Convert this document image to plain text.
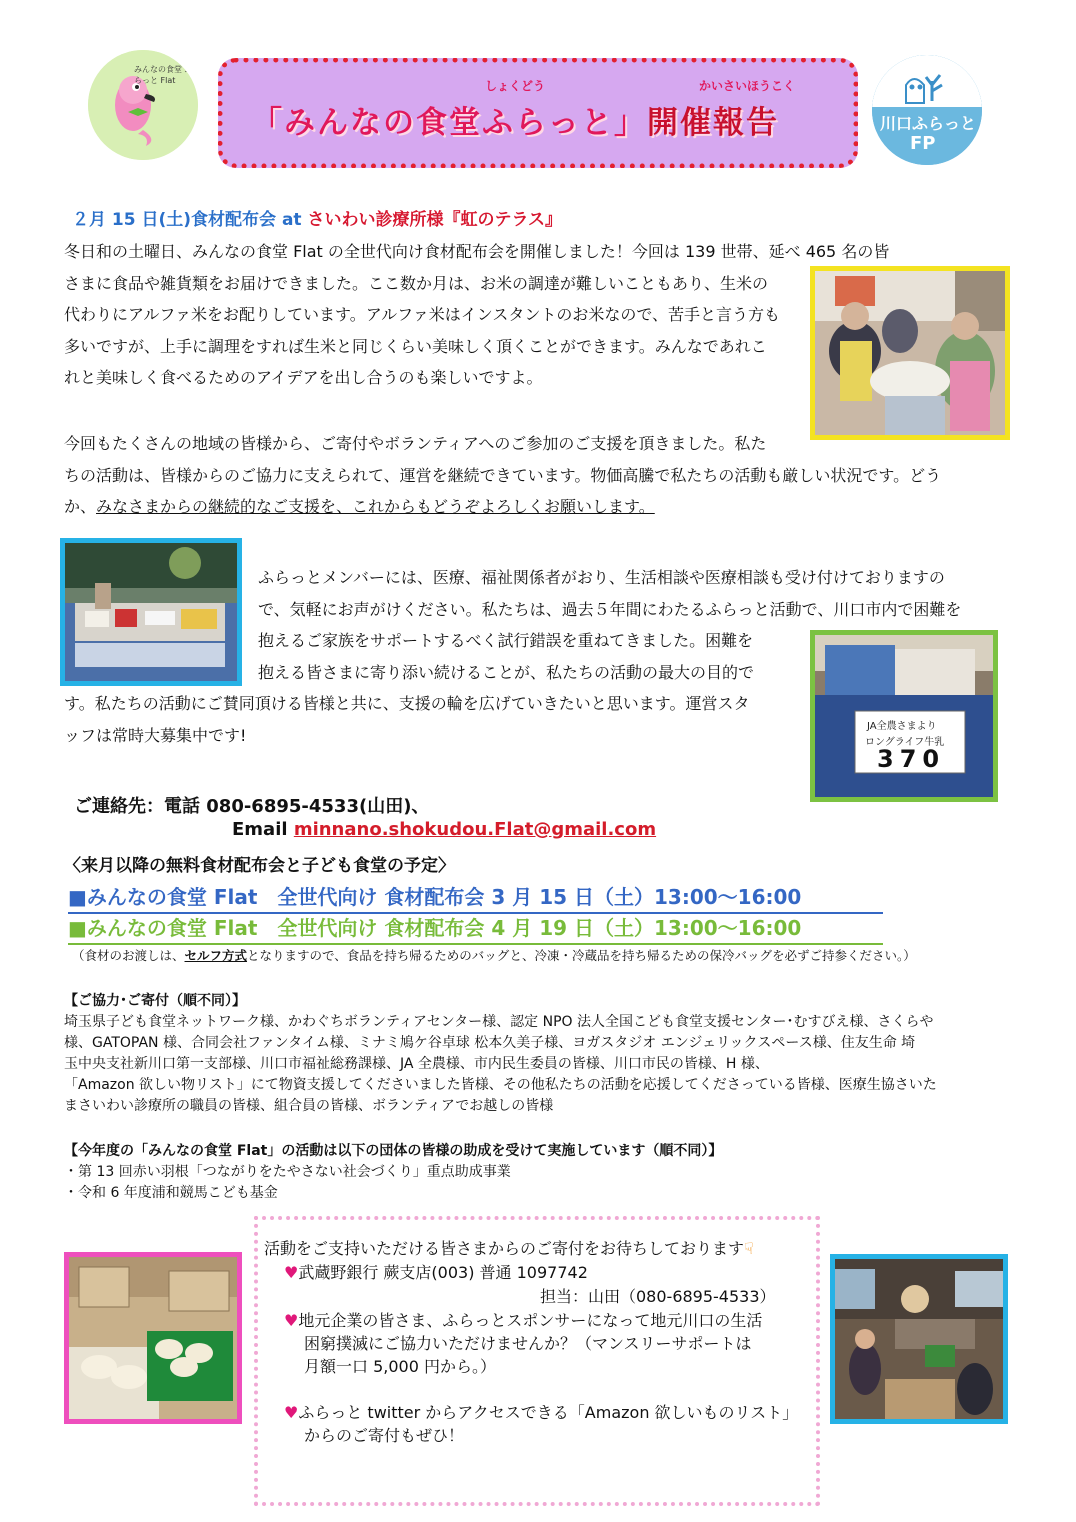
みんなの食堂 ふらっと Flat	しょくどう	かいさいほうこく
「みんなの食堂ふらっと」開催報告	川口ふらっと
FP
２月 15 日(土)食材配布会 at さいわい診療所様『虹のテラス』

冬日和の土曜日、みんなの食堂 Flat の全世代向け食材配布会を開催しました！今回は 139 世帯、延べ 465 名の皆

さまに食品や雑貨類をお届けできました。ここ数か月は、お米の調達が難しいこともあり、生米の

代わりにアルファ米をお配りしています。アルファ米はインスタントのお米なので、苦手と言う方も

多いですが、上手に調理をすれば生米と同じくらい美味しく頂くことができます。みんなであれこ

れと美味しく食べるためのアイデアを出し合うのも楽しいですよ。

今回もたくさんの地域の皆様から、ご寄付やボランティアへのご参加のご支援を頂きました。私た

ちの活動は、皆様からのご協力に支えられて、運営を継続できています。物価高騰で私たちの活動も厳しい状況です。どう

か、みなさまからの継続的なご支援を、これからもどうぞよろしくお願いします。

ふらっとメンバーには、医療、福祉関係者がおり、生活相談や医療相談も受け付けておりますの

で、気軽にお声がけください。私たちは、過去５年間にわたるふらっと活動で、川口市内で困難を

抱えるご家族をサポートするべく試行錯誤を重ねてきました。困難を

抱える皆さまに寄り添い続けることが、私たちの活動の最大の目的で

す。私たちの活動にご賛同頂ける皆様と共に、支援の輪を広げていきたいと思います。運営スタ

ッフは常時大募集中です!	JA全農さまより
ロングライフ牛乳
370
ご連絡先：電話 080-6895-4533(山田)、
Email minnano.shokudou.Flat@gmail.com
〈来月以降の無料食材配布会と子ども食堂の予定〉
■みんなの食堂 Flat　全世代向け 食材配布会 3 月 15 日（土）13:00～16:00
■みんなの食堂 Flat　全世代向け 食材配布会 4 月 19 日（土）13:00～16:00
（食材のお渡しは、セルフ方式となりますので、食品を持ち帰るためのバッグと、冷凍・冷蔵品を持ち帰るための保冷バッグを必ずご持参ください。）

【ご協力･ご寄付（順不同）】

埼玉県子ども食堂ネットワーク様、かわぐちボランティアセンター様、認定 NPO 法人全国こども食堂支援センター･むすびえ様、さくらや

様、GATOPAN 様、合同会社ファンタイム様、ミナミ鳩ケ谷卓球 松本久美子様、ヨガスタジオ エンジェリックスペース様、住友生命 埼

玉中央支社新川口第一支部様、川口市福祉総務課様、JA 全農様、市内民生委員の皆様、川口市民の皆様、H 様、

「Amazon 欲しい物リスト」にて物資支援してくださいました皆様、その他私たちの活動を応援してくださっている皆様、医療生協さいた

まさいわい診療所の職員の皆様、組合員の皆様、ボランティアでお越しの皆様

【今年度の「みんなの食堂 Flat」の活動は以下の団体の皆様の助成を受けて実施しています（順不同）】

・第 13 回赤い羽根「つながりをたやさない社会づくり」重点助成事業

・令和 6 年度浦和競馬こども基金

活動をご支持いただける皆さまからのご寄付をお待ちしております☟
♥武蔵野銀行 蕨支店(003) 普通 1097742
担当：山田（080-6895-4533）
♥地元企業の皆さま、ふらっとスポンサーになって地元川口の生活
困窮撲滅にご協力いただけませんか？（マンスリーサポートは
月額一口 5,000 円から。）
♥ふらっと twitter からアクセスできる「Amazon 欲しいものリスト」
からのご寄付もぜひ！
